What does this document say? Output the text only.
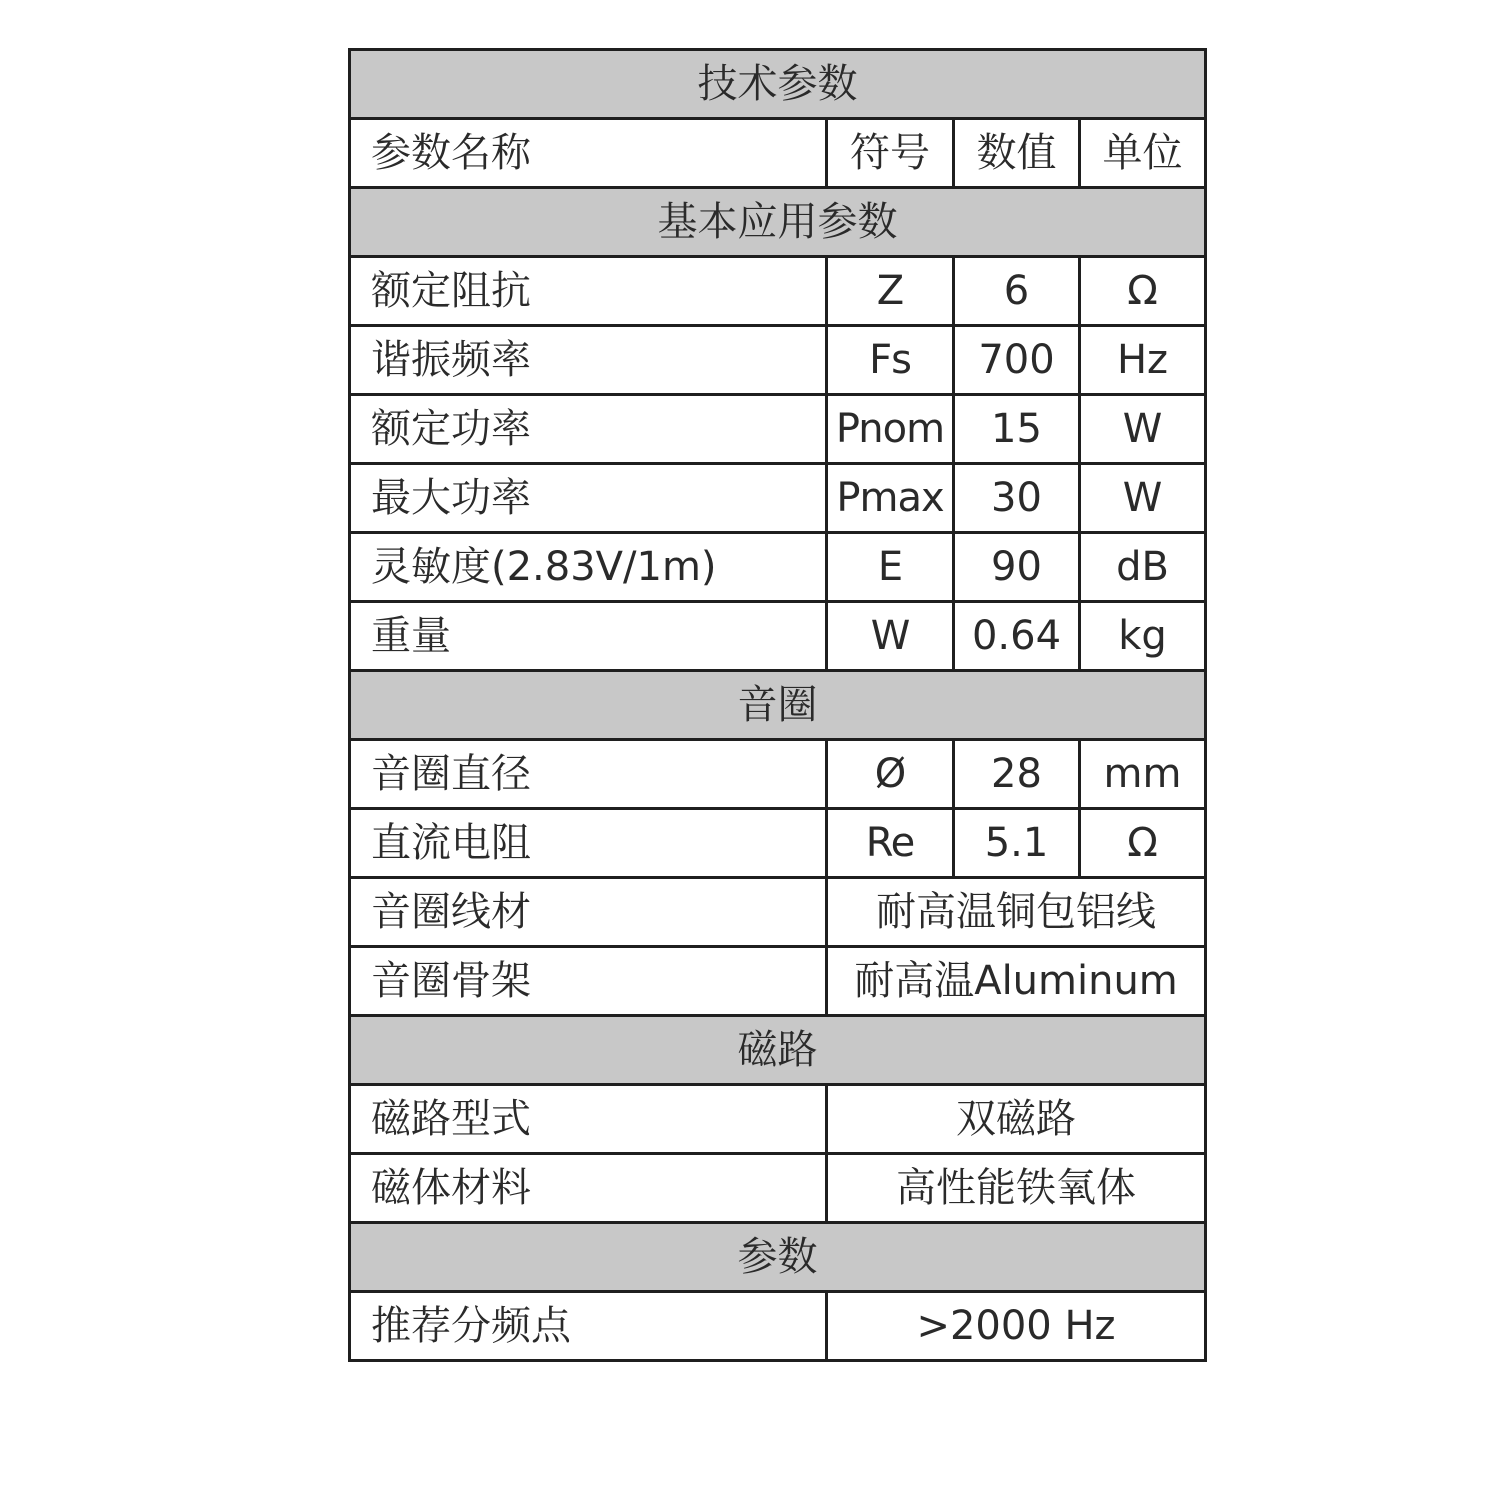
技术参数			
参数名称	符号	数值	单位
基本应用参数			
额定阻抗	Z	6	Ω
谐振频率	Fs	700	Hz
额定功率	Pnom	15	W
最大功率	Pmax	30	W
灵敏度(2.83V/1m)	E	90	dB
重量	W	0.64	kg
音圈			
音圈直径	Ø	28	mm
直流电阻	Re	5.1	Ω
音圈线材	耐高温铜包铝线		
音圈骨架	耐高温Aluminum		
磁路			
磁路型式	双磁路		
磁体材料	高性能铁氧体		
参数			
推荐分频点	>2000 Hz		
